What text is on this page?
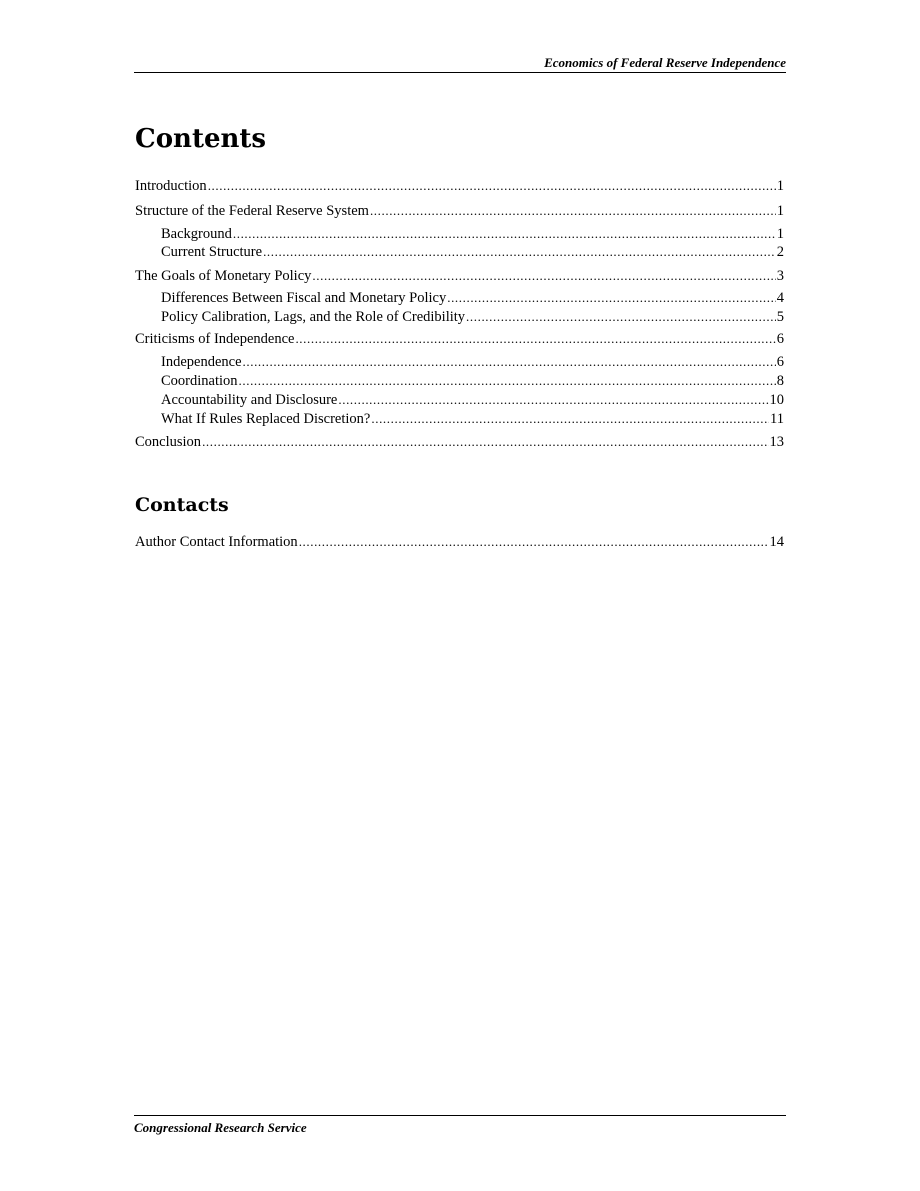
Economics of Federal Reserve Independence
Contents
Introduction .....	1
Structure of the Federal Reserve System .....	1
Background .....	1
Current Structure .....	2
The Goals of Monetary Policy .....	3
Differences Between Fiscal and Monetary Policy .....	4
Policy Calibration, Lags, and the Role of Credibility .....	5
Criticisms of Independence .....	6
Independence .....	6
Coordination .....	8
Accountability and Disclosure .....	10
What If Rules Replaced Discretion? .....	11
Conclusion .....	13
Contacts
Author Contact Information .....	14
Congressional Research Service
